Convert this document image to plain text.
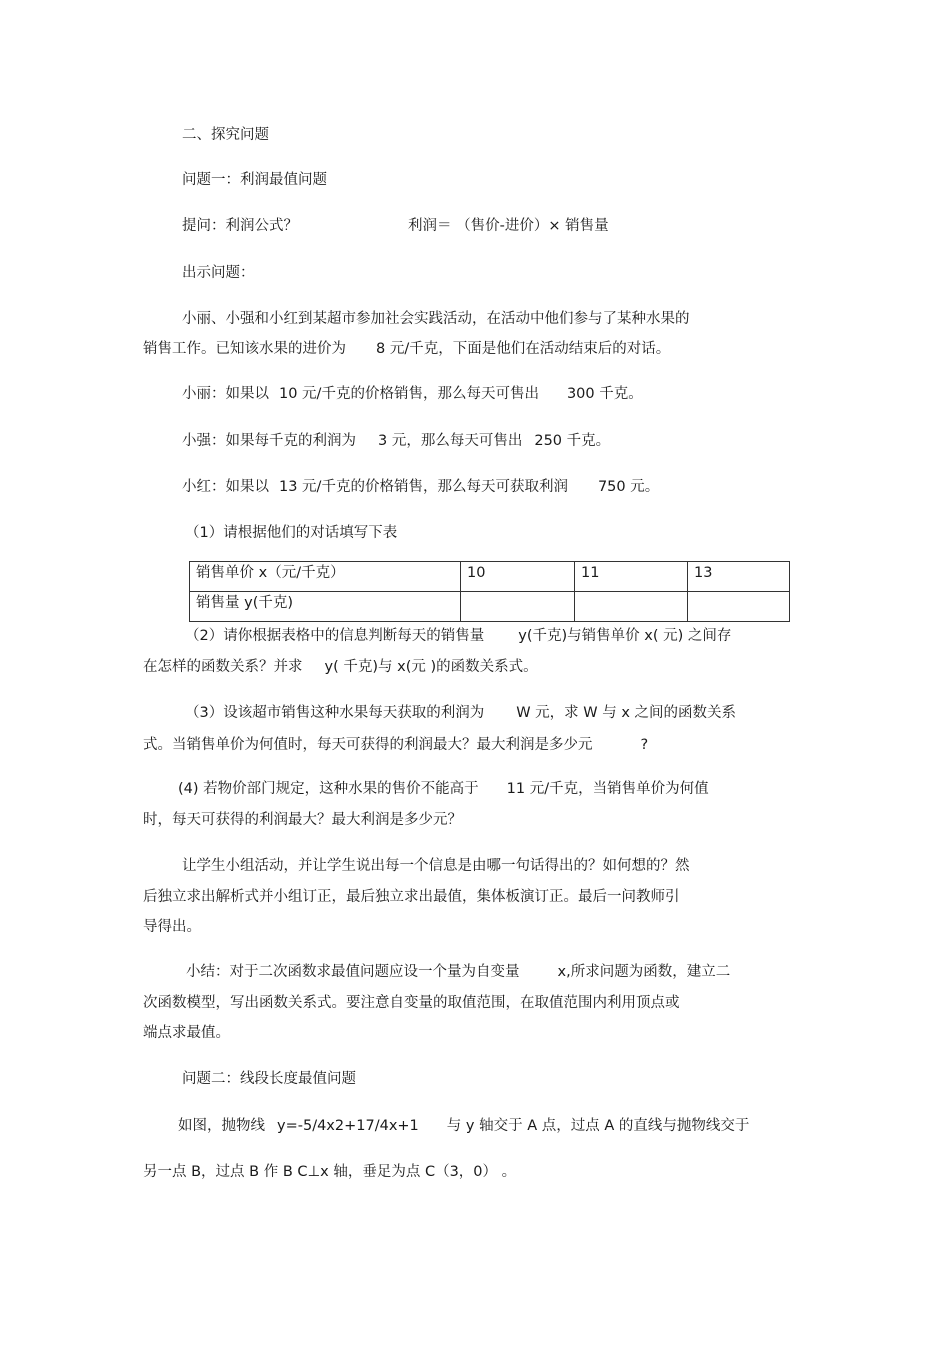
二、探究问题
问题一：利润最值问题
提问：利润公式？	利润＝ （售价-进价）× 销售量
出示问题：
小丽、小强和小红到某超市参加社会实践活动，在活动中他们参与了某种水果的
销售工作。已知该水果的进价为 8 元/千克，下面是他们在活动结束后的对话。
小丽：如果以 10 元/千克的价格销售，那么每天可售出 300 千克。
小强：如果每千克的利润为 3 元，那么每天可售出 250 千克。
小红：如果以 13 元/千克的价格销售，那么每天可获取利润 750 元。
（1）请根据他们的对话填写下表
销售单价 x（元/千克）	10	11	13
销售量 y(千克)			
（2）请你根据表格中的信息判断每天的销售量 y(千克)与销售单价 x( 元) 之间存
在怎样的函数关系？并求 y( 千克)与 x(元 )的函数关系式。
（3）设该超市销售这种水果每天获取的利润为 W 元，求 W 与 x 之间的函数关系
式。当销售单价为何值时，每天可获得的利润最大？最大利润是多少元	?
(4) 若物价部门规定，这种水果的售价不能高于 11 元/千克，当销售单价为何值
时，每天可获得的利润最大？最大利润是多少元？
让学生小组活动，并让学生说出每一个信息是由哪一句话得出的？如何想的？然
后独立求出解析式并小组订正，最后独立求出最值，集体板演订正。最后一问教师引
导得出。
小结：对于二次函数求最值问题应设一个量为自变量	x,所求问题为函数，建立二
次函数模型，写出函数关系式。要注意自变量的取值范围，在取值范围内利用顶点或
端点求最值。
问题二：线段长度最值问题
如图，抛物线 y=-5/4x2+17/4x+1 与 y 轴交于 A 点，过点 A 的直线与抛物线交于
另一点 B，过点 B 作 B C⊥x 轴，垂足为点 C（3，0） 。
